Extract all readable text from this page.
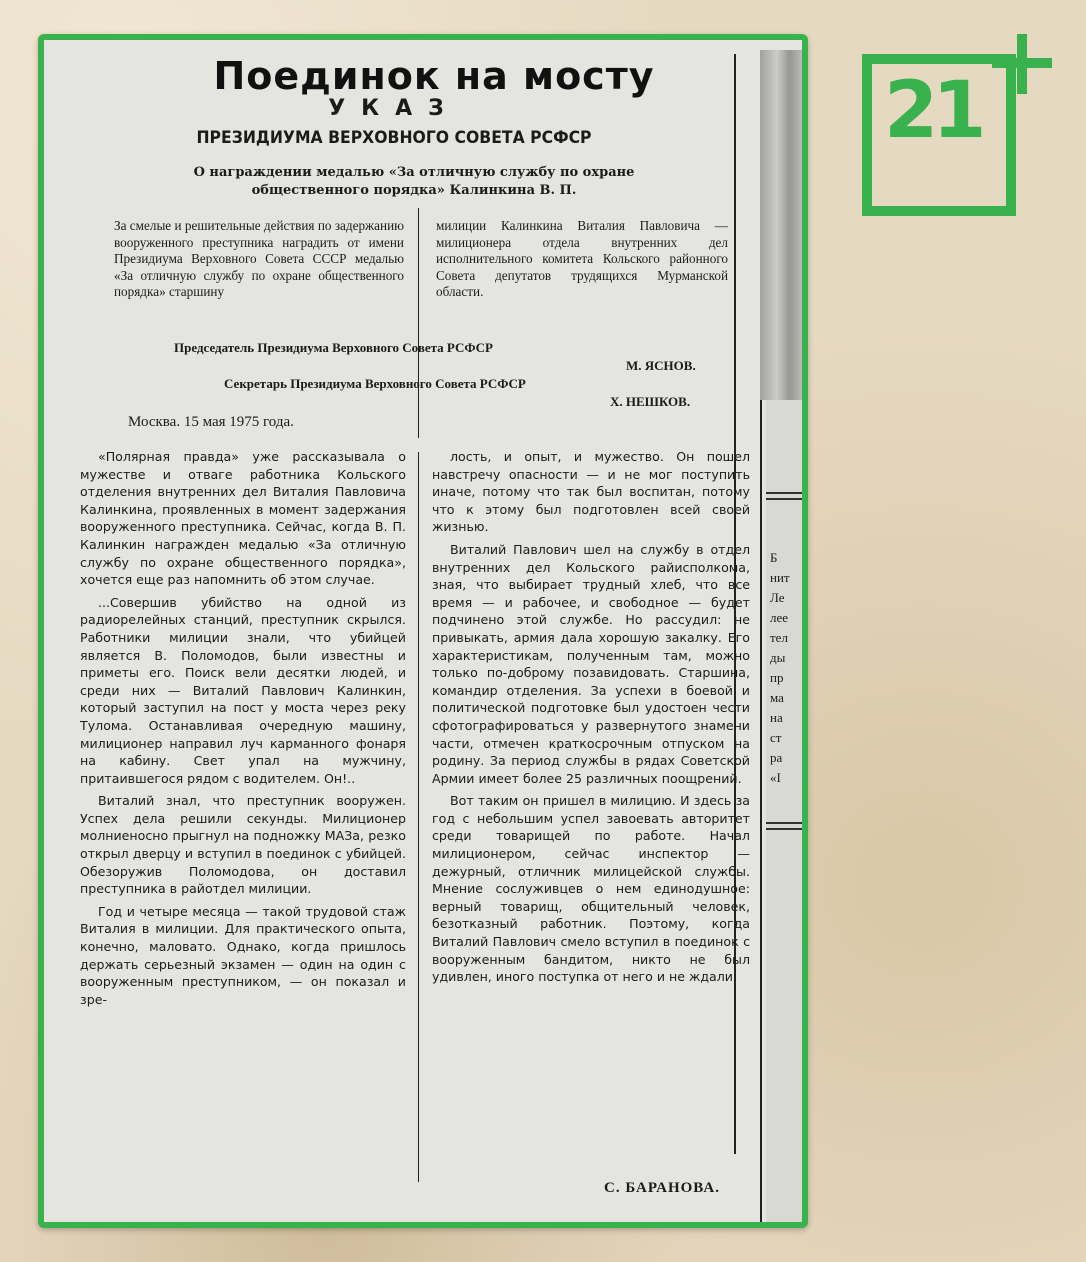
Б
нит
Ле
лее
тел
ды
пр
ма
на
ст
ра
«І
Поединок на мосту
УКАЗ
ПРЕЗИДИУМА ВЕРХОВНОГО СОВЕТА РСФСР
О награждении медалью «За отличную службу по охране
общественного порядка» Калинкина В. П.
За смелые и решительные действия по задержанию вооруженного преступника наградить от имени Президиума Верховного Совета СССР медалью «За отличную службу по охране общественного порядка» старшину
милиции Калинкина Виталия Павловича — милиционера отдела внутренних дел исполнительного комитета Кольского районного Совета депутатов трудящихся Мурманской области.
Председатель Президиума Верховного Совета РСФСР
М. ЯСНОВ.
Секретарь Президиума Верховного Совета РСФСР
Х. НЕШКОВ.
Москва. 15 мая 1975 года.

«Полярная правда» уже рассказывала о мужестве и отваге работника Кольского отделения внутренних дел Виталия Павловича Калинкина, проявленных в момент задержания вооруженного преступника. Сейчас, когда В. П. Калинкин награжден медалью «За отличную службу по охране общественного порядка», хочется еще раз напомнить об этом случае.

...Совершив убийство на одной из радиорелейных станций, преступник скрылся. Работники милиции знали, что убийцей является В. Поломодов, были известны и приметы его. Поиск вели десятки людей, и среди них — Виталий Павлович Калинкин, который заступил на пост у моста через реку Тулома. Останавливая очередную машину, милиционер направил луч карманного фонаря на кабину. Свет упал на мужчину, притаившегося рядом с водителем. Он!..

Виталий знал, что преступник вооружен. Успех дела решили секунды. Милиционер молниеносно прыгнул на подножку МАЗа, резко открыл дверцу и вступил в поединок с убийцей. Обезоружив Поломодова, он доставил преступника в райотдел милиции.

Год и четыре месяца — такой трудовой стаж Виталия в милиции. Для практического опыта, конечно, маловато. Однако, когда пришлось держать серьезный экзамен — один на один с вооруженным преступником, — он показал и зре-

лость, и опыт, и мужество. Он пошел навстречу опасности — и не мог поступить иначе, потому что так был воспитан, потому что к этому был подготовлен всей своей жизнью.

Виталий Павлович шел на службу в отдел внутренних дел Кольского райисполкома, зная, что выбирает трудный хлеб, что все время — и рабочее, и свободное — будет подчинено этой службе. Но рассудил: не привыкать, армия дала хорошую закалку. Его характеристикам, полученным там, можно только по-доброму позавидовать. Старшина, командир отделения. За успехи в боевой и политической подготовке был удостоен чести сфотографироваться у развернутого знамени части, отмечен краткосрочным отпуском на родину. За период службы в рядах Советской Армии имеет более 25 различных поощрений.

Вот таким он пришел в милицию. И здесь за год с небольшим успел завоевать авторитет среди товарищей по работе. Начал милиционером, сейчас инспектор — дежурный, отличник милицейской службы. Мнение сослуживцев о нем единодушное: верный товарищ, общительный человек, безотказный работник. Поэтому, когда Виталий Павлович смело вступил в поединок с вооруженным бандитом, никто не был удивлен, иного поступка от него и не ждали.

С. БАРАНОВА.
21
